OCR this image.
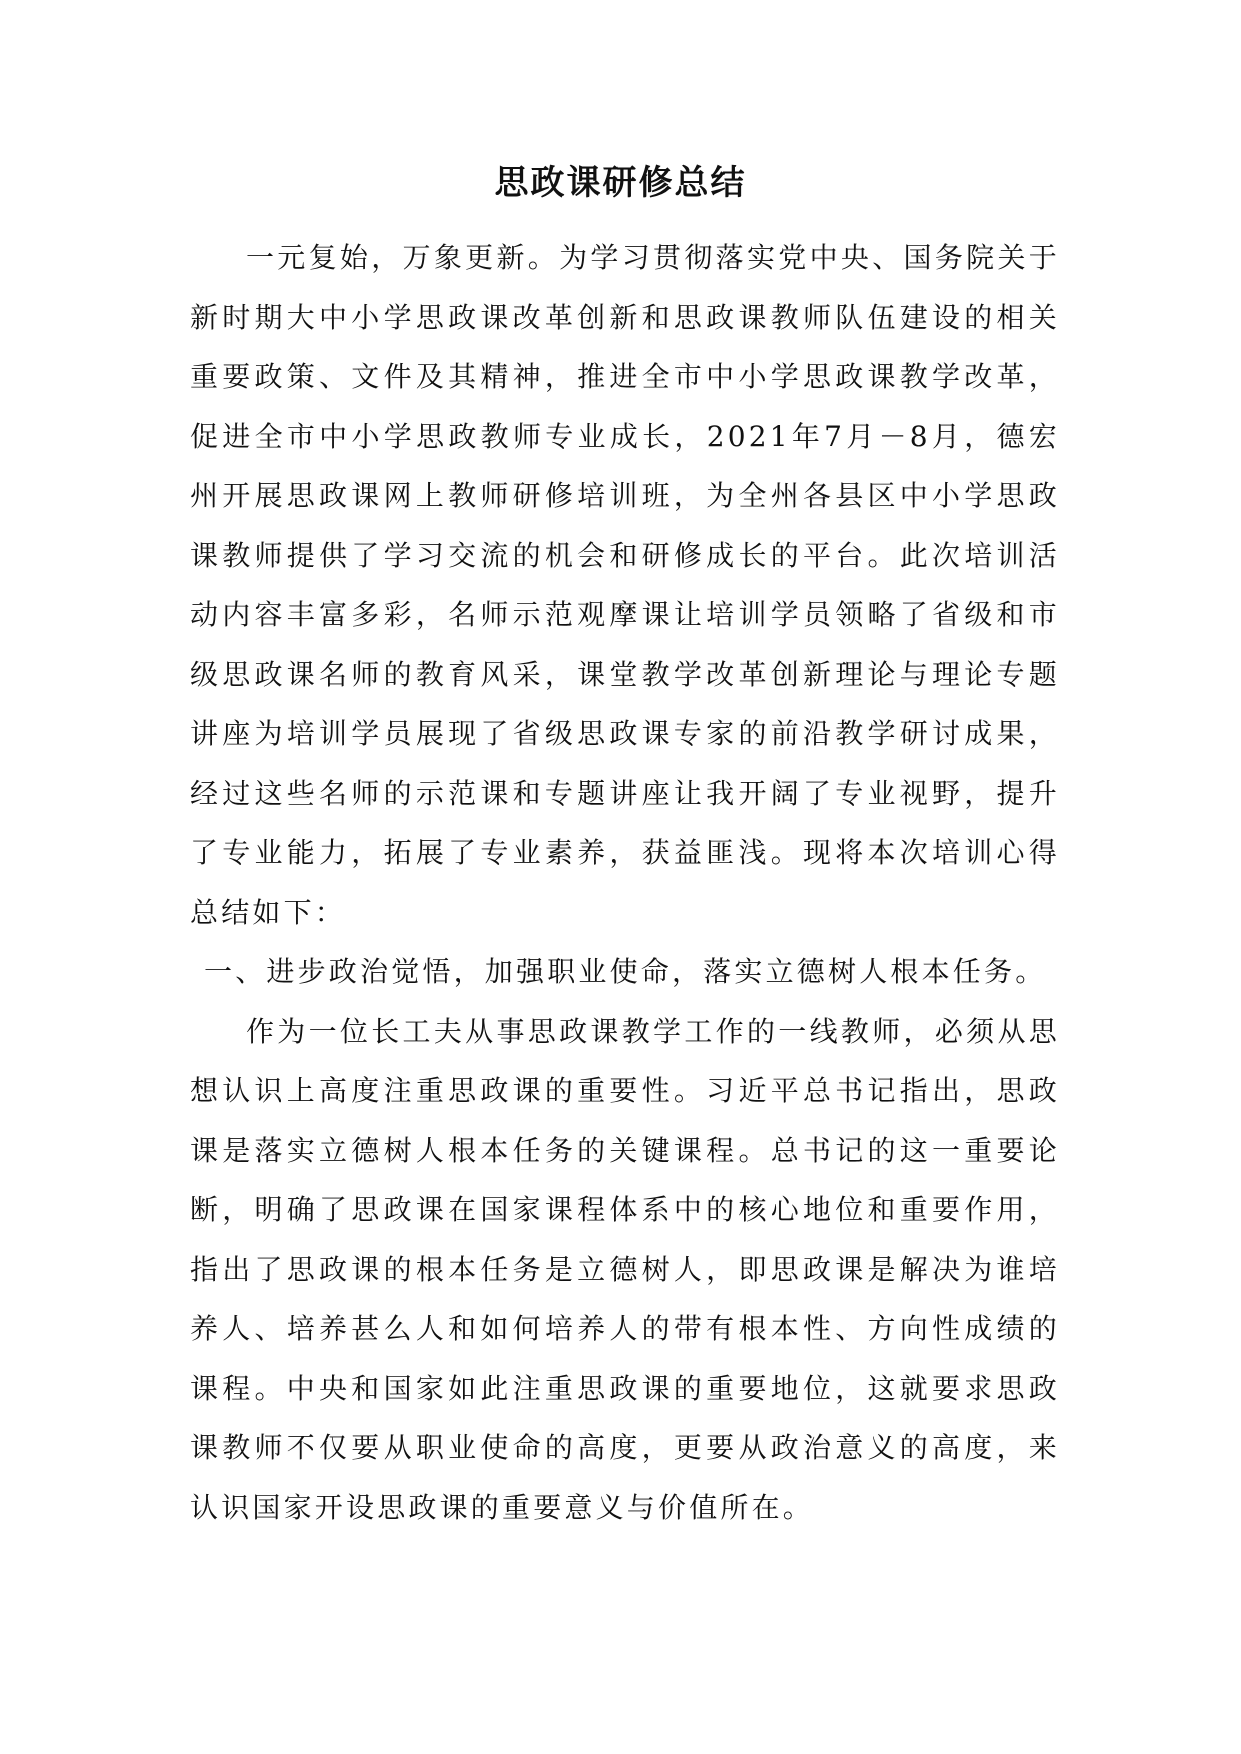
思政课研修总结

一元复始，万象更新。为学习贯彻落实党中央、国务院关于新时期大中小学思政课改革创新和思政课教师队伍建设的相关重要政策、文件及其精神，推进全市中小学思政课教学改革，促进全市中小学思政教师专业成长，2021年7月－8月，德宏州开展思政课网上教师研修培训班，为全州各县区中小学思政课教师提供了学习交流的机会和研修成长的平台。此次培训活动内容丰富多彩，名师示范观摩课让培训学员领略了省级和市级思政课名师的教育风采，课堂教学改革创新理论与理论专题讲座为培训学员展现了省级思政课专家的前沿教学研讨成果，经过这些名师的示范课和专题讲座让我开阔了专业视野，提升了专业能力，拓展了专业素养，获益匪浅。现将本次培训心得总结如下：

一、进步政治觉悟，加强职业使命，落实立德树人根本任务。

作为一位长工夫从事思政课教学工作的一线教师，必须从思想认识上高度注重思政课的重要性。习近平总书记指出，思政课是落实立德树人根本任务的关键课程。总书记的这一重要论断，明确了思政课在国家课程体系中的核心地位和重要作用，指出了思政课的根本任务是立德树人，即思政课是解决为谁培养人、培养甚么人和如何培养人的带有根本性、方向性成绩的课程。中央和国家如此注重思政课的重要地位，这就要求思政课教师不仅要从职业使命的高度，更要从政治意义的高度，来认识国家开设思政课的重要意义与价值所在。
